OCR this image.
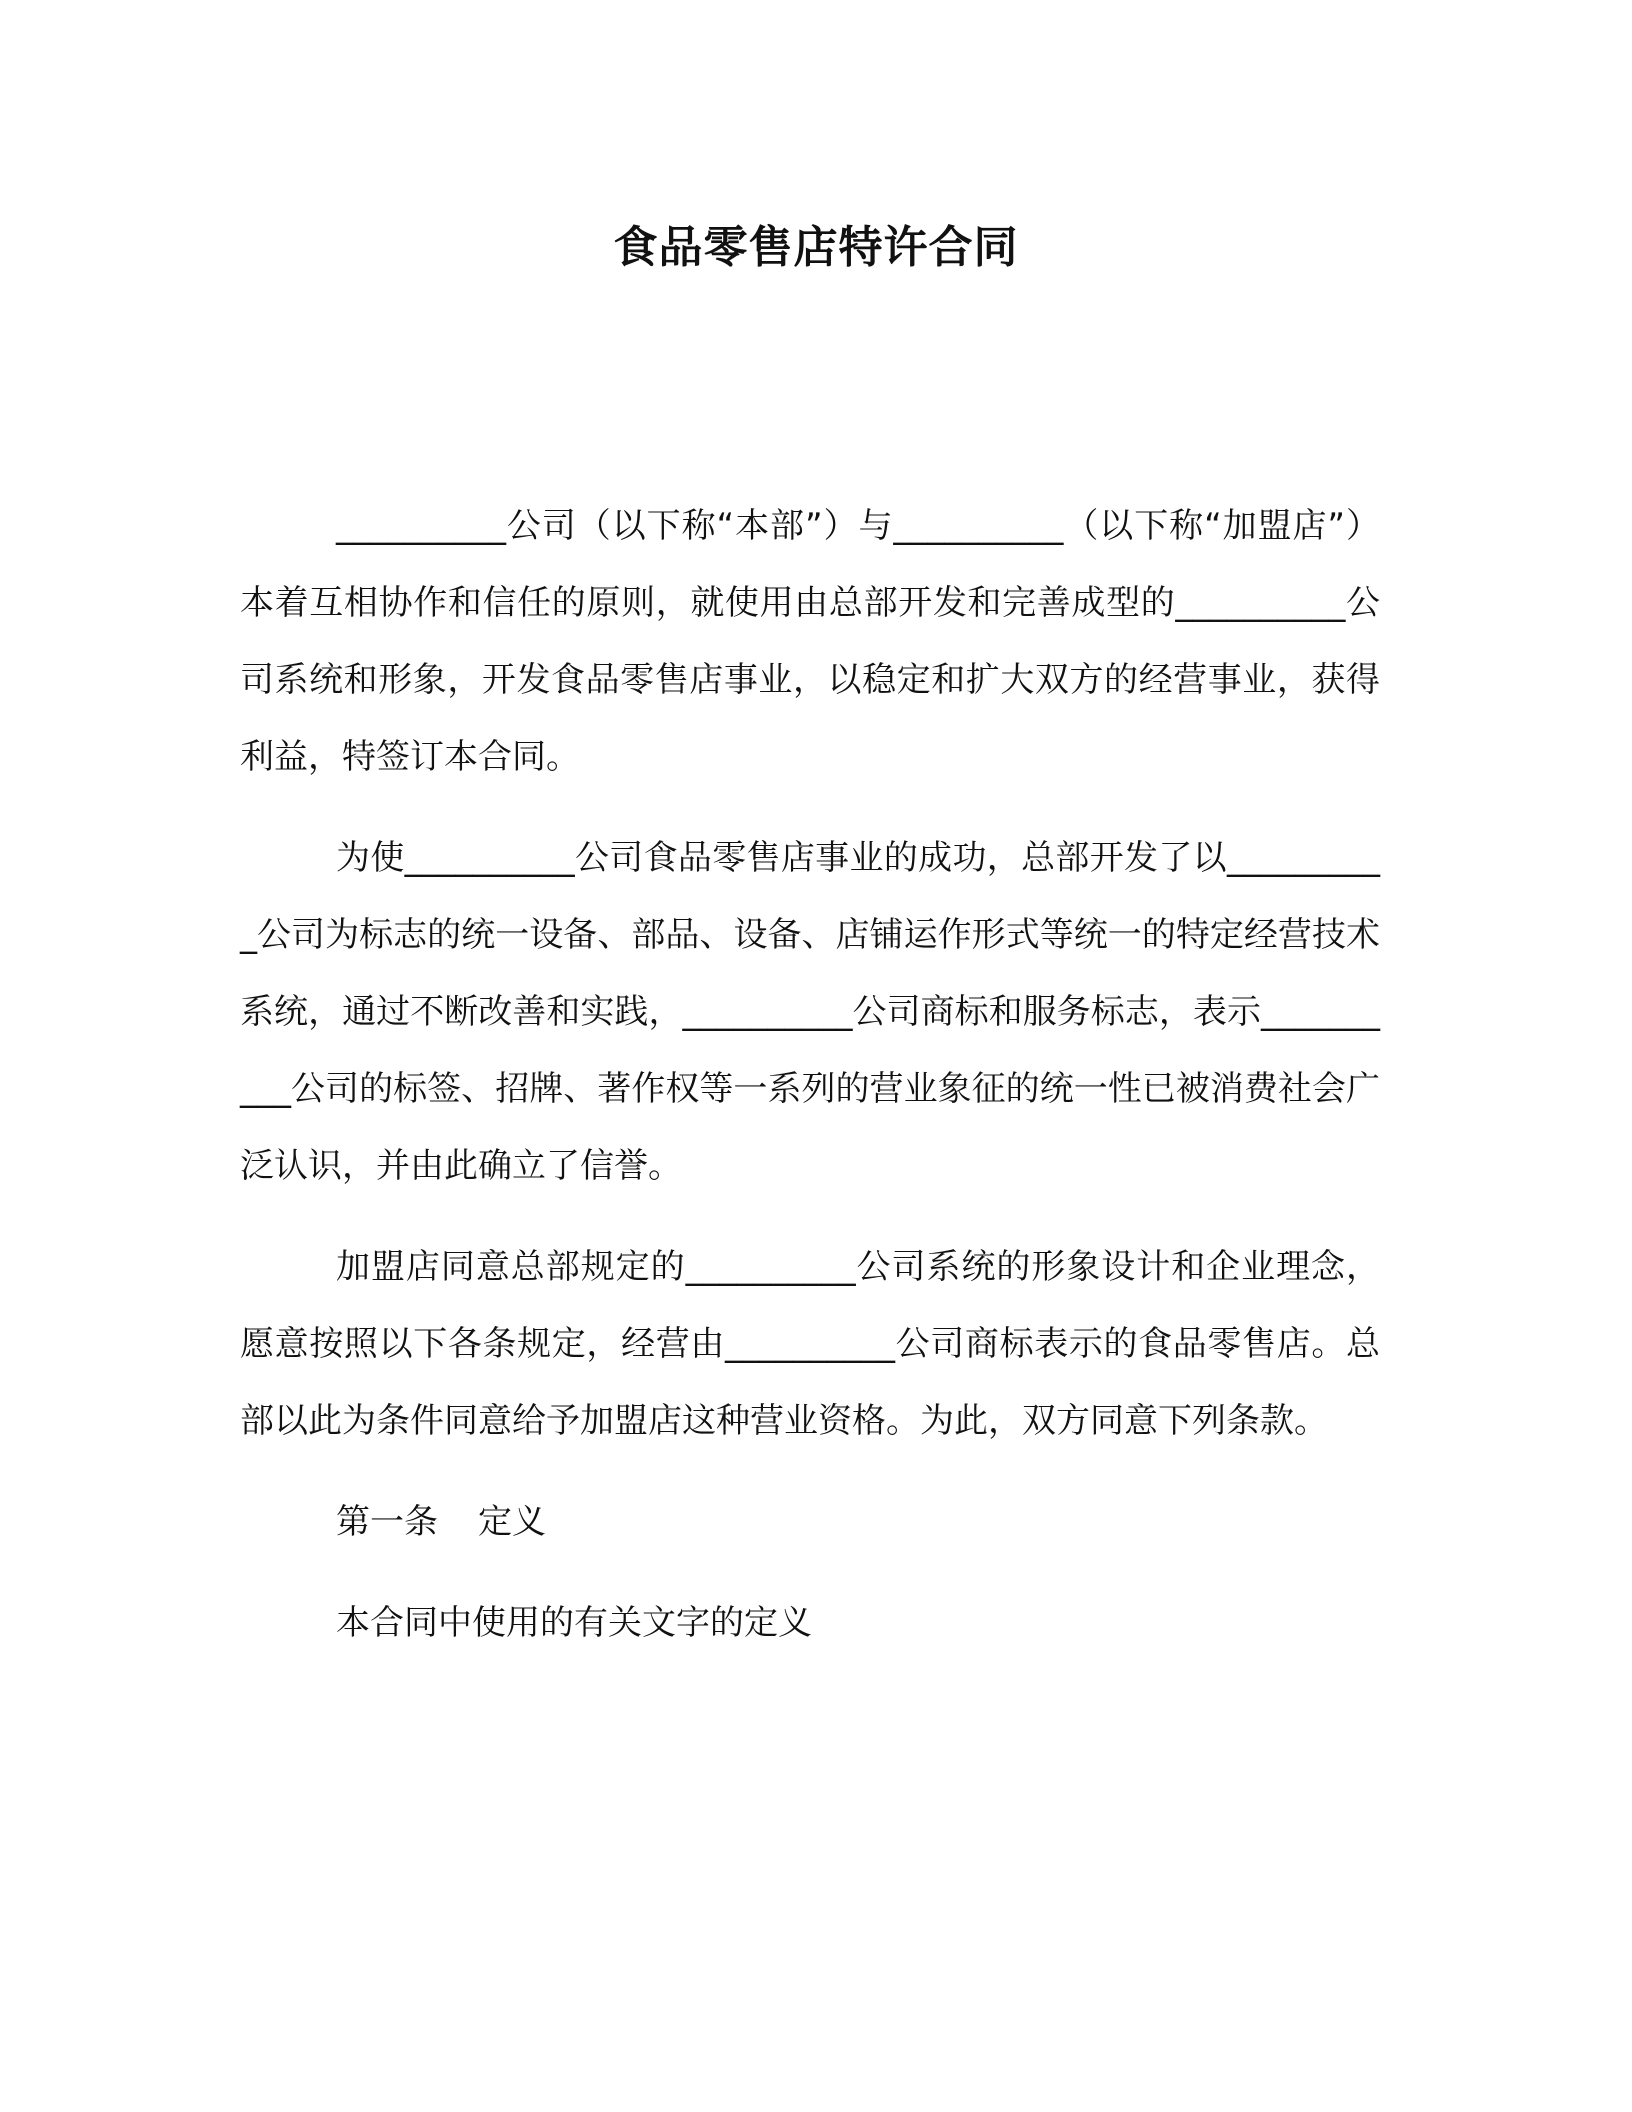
食品零售店特许合同

__________公司（以下称“本部”）与__________（以下称“加盟店”）本着互相协作和信任的原则，就使用由总部开发和完善成型的__________公司系统和形象，开发食品零售店事业，以稳定和扩大双方的经营事业，获得利益，特签订本合同。

为使__________公司食品零售店事业的成功，总部开发了以__________公司为标志的统一设备、部品、设备、店铺运作形式等统一的特定经营技术系统，通过不断改善和实践，__________公司商标和服务标志，表示__________公司的标签、招牌、著作权等一系列的营业象征的统一性已被消费社会广泛认识，并由此确立了信誉。

加盟店同意总部规定的__________公司系统的形象设计和企业理念，愿意按照以下各条规定，经营由__________公司商标表示的食品零售店。总部以此为条件同意给予加盟店这种营业资格。为此，双方同意下列条款。

第一条 定义

本合同中使用的有关文字的定义
